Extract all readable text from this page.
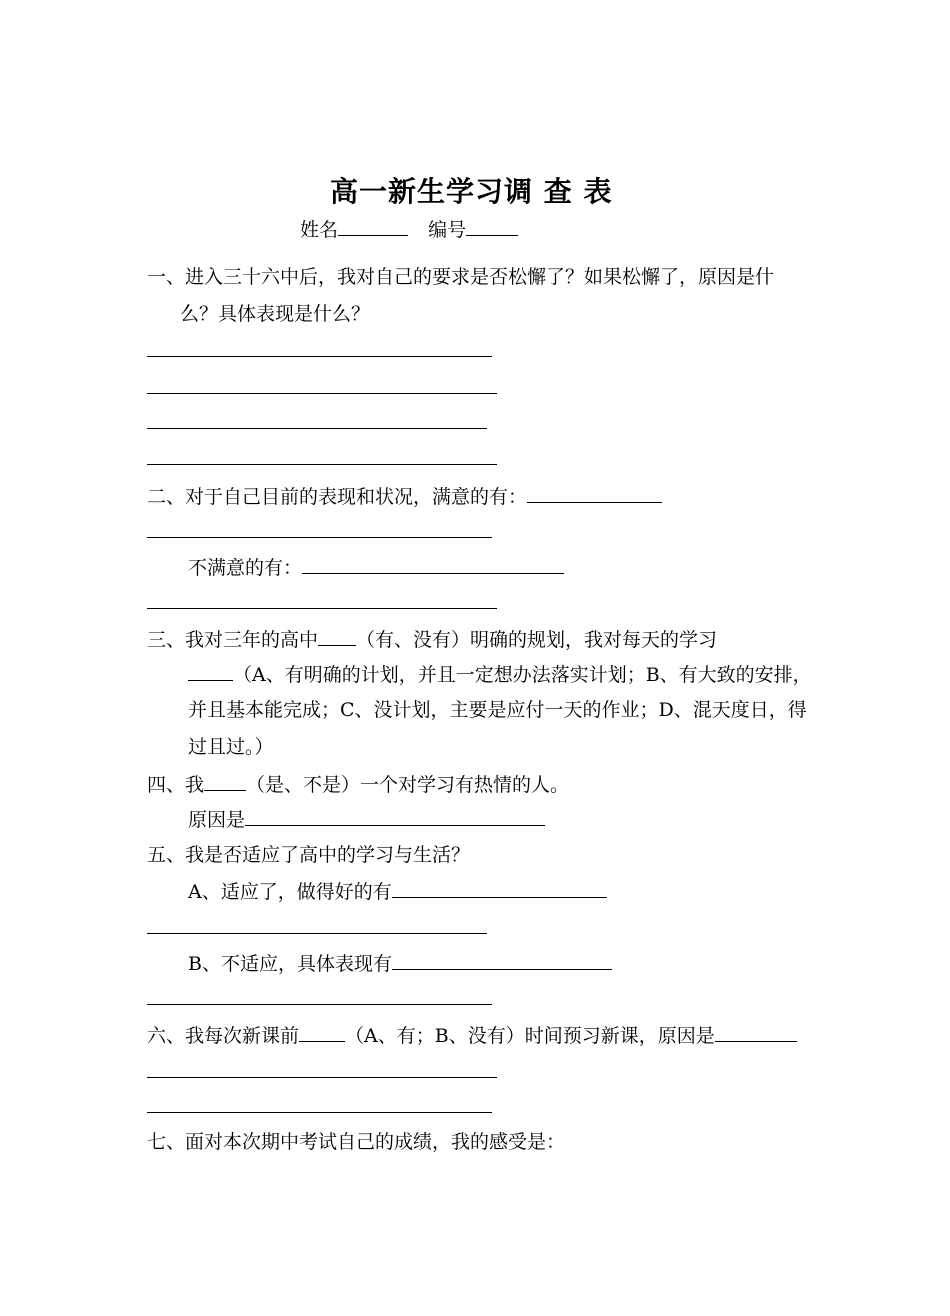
高一新生学习调 查 表
姓名	编号
一、进入三十六中后，我对自己的要求是否松懈了？如果松懈了，原因是什
么？具体表现是什么？
二、对于自己目前的表现和状况，满意的有：
不满意的有：
三、我对三年的高中 （有、没有）明确的规划，我对每天的学习
（A、有明确的计划，并且一定想办法落实计划；B、有大致的安排，
并且基本能完成；C、没计划，主要是应付一天的作业；D、混天度日，得
过且过。）
四、我 （是、不是）一个对学习有热情的人。
原因是
五、我是否适应了高中的学习与生活？
A、适应了，做得好的有
B、不适应，具体表现有
六、我每次新课前 （A、有；B、没有）时间预习新课，原因是
七、面对本次期中考试自己的成绩，我的感受是：
